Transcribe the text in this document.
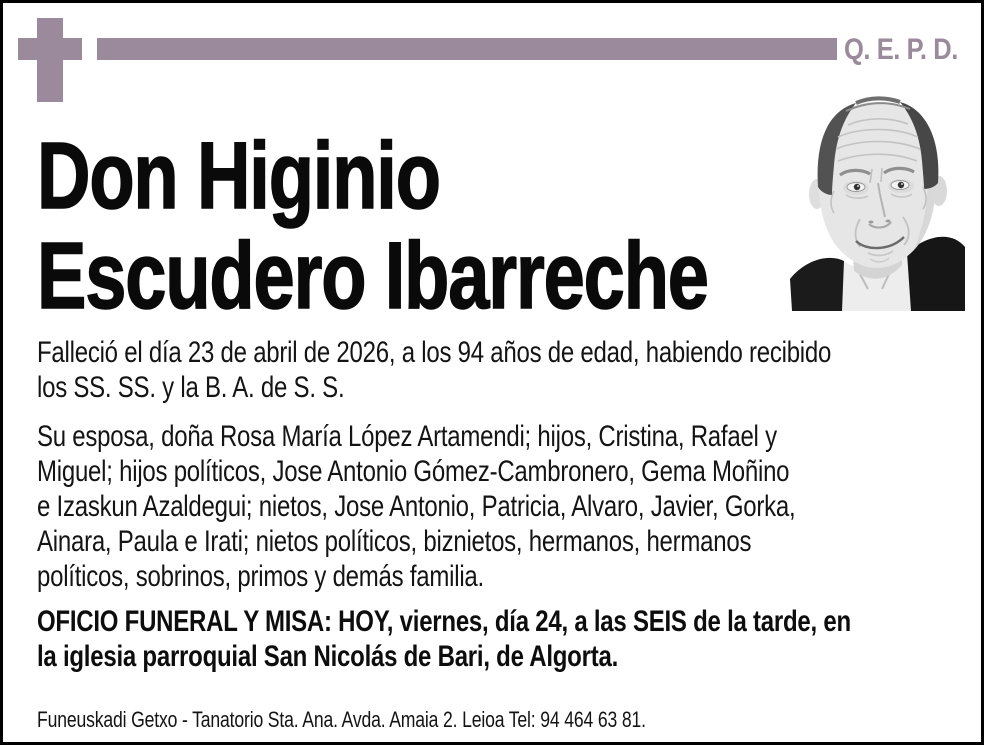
Q. E. P. D.
Don Higinio
Escudero Ibarreche
Falleció el día 23 de abril de 2026, a los 94 años de edad, habiendo recibido
los SS. SS. y la B. A. de S. S.
Su esposa, doña Rosa María López Artamendi; hijos, Cristina, Rafael y
Miguel; hijos políticos, Jose Antonio Gómez-Cambronero, Gema Moñino
e Izaskun Azaldegui; nietos, Jose Antonio, Patricia, Alvaro, Javier, Gorka,
Ainara, Paula e Irati; nietos políticos, biznietos, hermanos, hermanos
políticos, sobrinos, primos y demás familia.
OFICIO FUNERAL Y MISA: HOY, viernes, día 24, a las SEIS de la tarde, en
la iglesia parroquial San Nicolás de Bari, de Algorta.
Funeuskadi Getxo - Tanatorio Sta. Ana. Avda. Amaia 2. Leioa Tel: 94 464 63 81.
